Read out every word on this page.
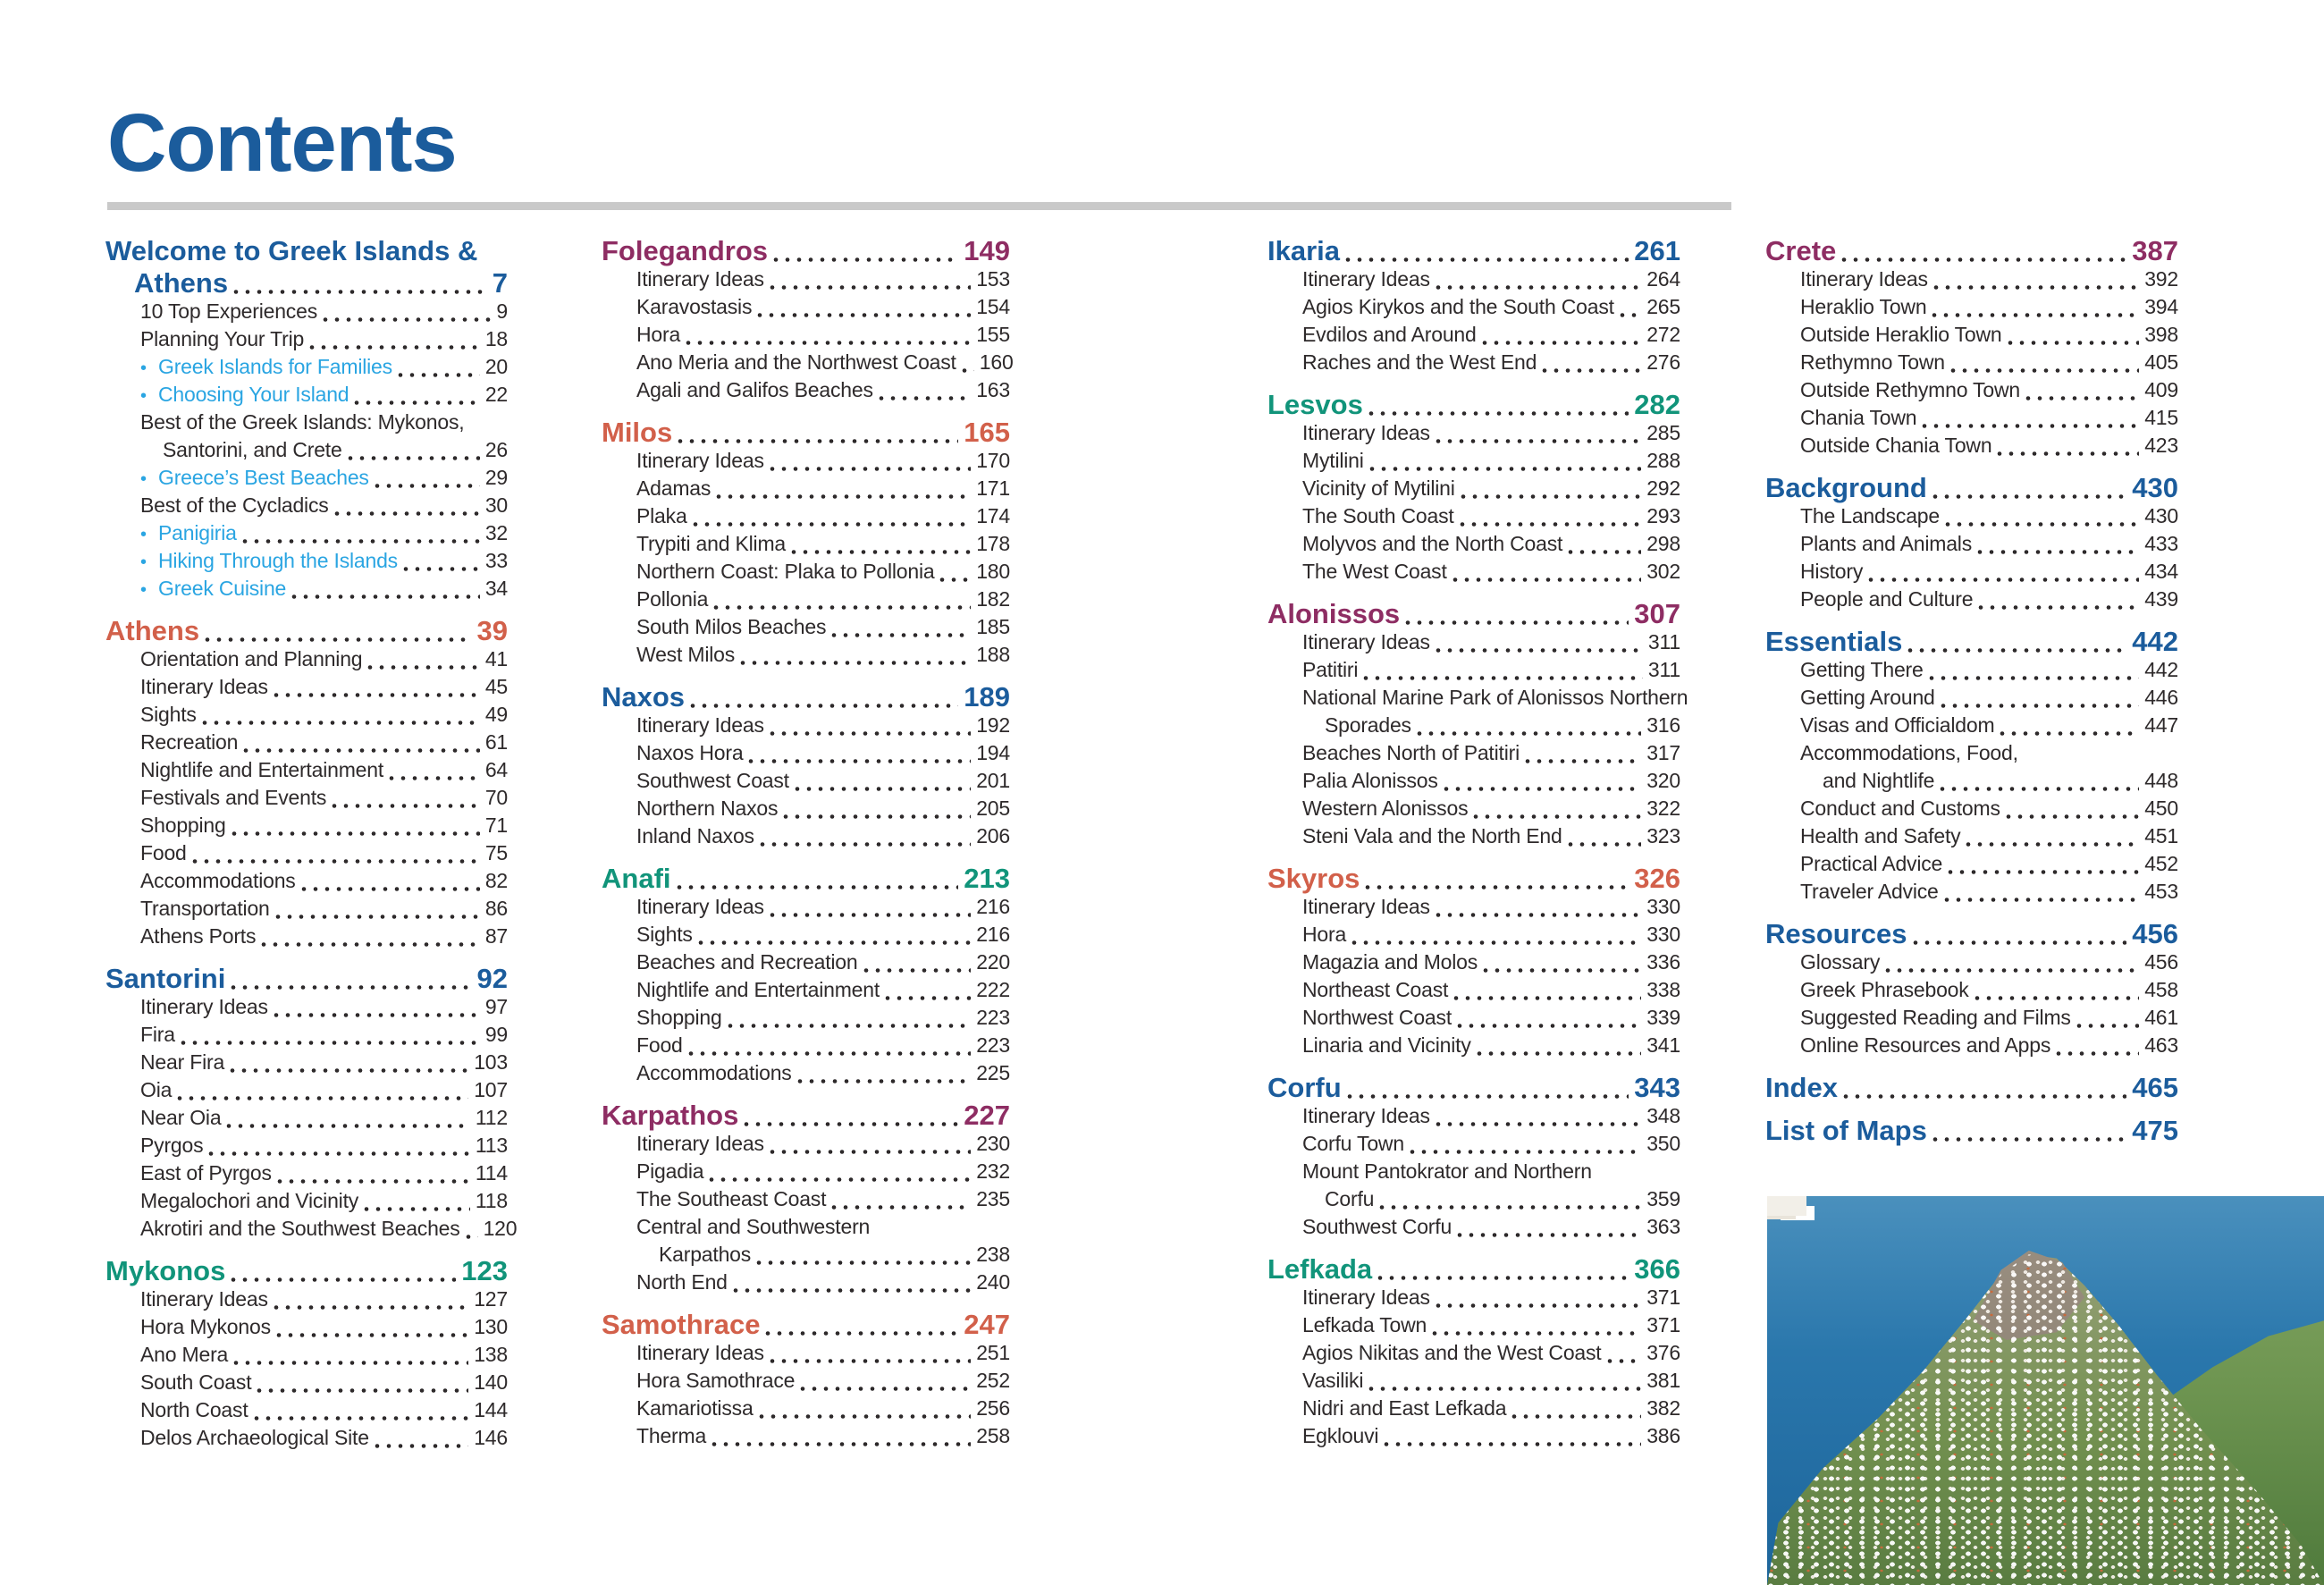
Contents
Welcome to Greek Islands &
Athens	7
10 Top Experiences	9
Planning Your Trip	18
• Greek Islands for Families	20
• Choosing Your Island	22
Best of the Greek Islands: Mykonos,
Santorini, and Crete	26
• Greece’s Best Beaches	29
Best of the Cycladics	30
• Panigiria	32
• Hiking Through the Islands	33
• Greek Cuisine	34
Athens	39
Orientation and Planning	41
Itinerary Ideas	45
Sights	49
Recreation	61
Nightlife and Entertainment	64
Festivals and Events	70
Shopping	71
Food	75
Accommodations	82
Transportation	86
Athens Ports	87
Santorini	92
Itinerary Ideas	97
Fira	99
Near Fira	103
Oia	107
Near Oia	112
Pyrgos	113
East of Pyrgos	114
Megalochori and Vicinity	118
Akrotiri and the Southwest Beaches 120
Mykonos	123
Itinerary Ideas	127
Hora Mykonos	130
Ano Mera	138
South Coast	140
North Coast	144
Delos Archaeological Site	146
Folegandros	149
Itinerary Ideas	153
Karavostasis	154
Hora	155
Ano Meria and the Northwest Coast 160
Agali and Galifos Beaches	163
Milos	165
Itinerary Ideas	170
Adamas	171
Plaka	174
Trypiti and Klima	178
Northern Coast: Plaka to Pollonia 180
Pollonia	182
South Milos Beaches	185
West Milos	188
Naxos	189
Itinerary Ideas	192
Naxos Hora	194
Southwest Coast	201
Northern Naxos	205
Inland Naxos	206
Anafi	213
Itinerary Ideas	216
Sights	216
Beaches and Recreation	220
Nightlife and Entertainment	222
Shopping	223
Food	223
Accommodations	225
Karpathos	227
Itinerary Ideas	230
Pigadia	232
The Southeast Coast	235
Central and Southwestern
Karpathos	238
North End	240
Samothrace	247
Itinerary Ideas	251
Hora Samothrace	252
Kamariotissa	256
Therma	258
Ikaria	261
Itinerary Ideas	264
Agios Kirykos and the South Coast 265
Evdilos and Around	272
Raches and the West End	276
Lesvos	282
Itinerary Ideas	285
Mytilini	288
Vicinity of Mytilini	292
The South Coast	293
Molyvos and the North Coast	298
The West Coast	302
Alonissos	307
Itinerary Ideas	311
Patitiri	311
National Marine Park of Alonissos Northern
Sporades	316
Beaches North of Patitiri	317
Palia Alonissos	320
Western Alonissos	322
Steni Vala and the North End	323
Skyros	326
Itinerary Ideas	330
Hora	330
Magazia and Molos	336
Northeast Coast	338
Northwest Coast	339
Linaria and Vicinity	341
Corfu	343
Itinerary Ideas	348
Corfu Town	350
Mount Pantokrator and Northern
Corfu	359
Southwest Corfu	363
Lefkada	366
Itinerary Ideas	371
Lefkada Town	371
Agios Nikitas and the West Coast 376
Vasiliki	381
Nidri and East Lefkada	382
Egklouvi	386
Crete	387
Itinerary Ideas	392
Heraklio Town	394
Outside Heraklio Town	398
Rethymno Town	405
Outside Rethymno Town	409
Chania Town	415
Outside Chania Town	423
Background	430
The Landscape	430
Plants and Animals	433
History	434
People and Culture	439
Essentials	442
Getting There	442
Getting Around	446
Visas and Officialdom	447
Accommodations, Food,
and Nightlife	448
Conduct and Customs	450
Health and Safety	451
Practical Advice	452
Traveler Advice	453
Resources	456
Glossary	456
Greek Phrasebook	458
Suggested Reading and Films	461
Online Resources and Apps	463
Index	465
List of Maps	475
